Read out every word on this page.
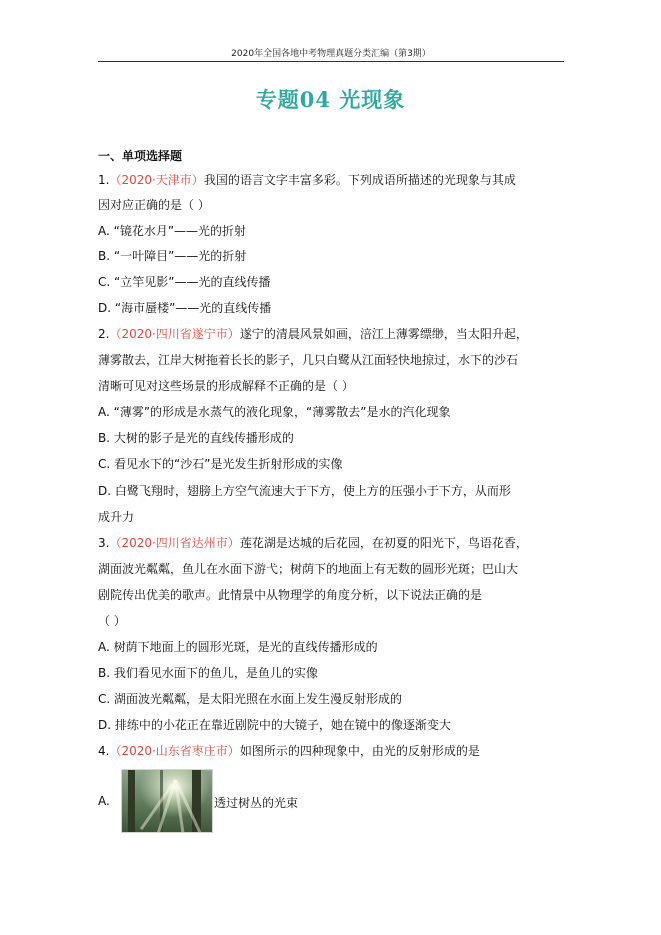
2020年全国各地中考物理真题分类汇编（第3期）
专题04 光现象
一、单项选择题
1.（2020·天津市）我国的语言文字丰富多彩。下列成语所描述的光现象与其成
因对应正确的是（ ）
A. “镜花水月”——光的折射
B. “一叶障目”——光的折射
C. “立竿见影”——光的直线传播
D. “海市蜃楼”——光的直线传播
2.（2020·四川省遂宁市）遂宁的清晨风景如画，涪江上薄雾缥缈，当太阳升起，
薄雾散去，江岸大树拖着长长的影子，几只白鹭从江面轻快地掠过，水下的沙石
清晰可见对这些场景的形成解释不正确的是（ ）
A. “薄雾”的形成是水蒸气的液化现象，“薄雾散去”是水的汽化现象
B. 大树的影子是光的直线传播形成的
C. 看见水下的“沙石”是光发生折射形成的实像
D. 白鹭飞翔时，翅膀上方空气流速大于下方，使上方的压强小于下方，从而形
成升力
3.（2020·四川省达州市）莲花湖是达城的后花园，在初夏的阳光下，鸟语花香，
湖面波光粼粼，鱼儿在水面下游弋；树荫下的地面上有无数的圆形光斑；巴山大
剧院传出优美的歌声。此情景中从物理学的角度分析，以下说法正确的是
（ ）
A. 树荫下地面上的圆形光斑，是光的直线传播形成的
B. 我们看见水面下的鱼儿，是鱼儿的实像
C. 湖面波光粼粼，是太阳光照在水面上发生漫反射形成的
D. 排练中的小花正在靠近剧院中的大镜子，她在镜中的像逐渐变大
4.（2020·山东省枣庄市）如图所示的四种现象中，由光的反射形成的是
A.	透过树丛的光束
